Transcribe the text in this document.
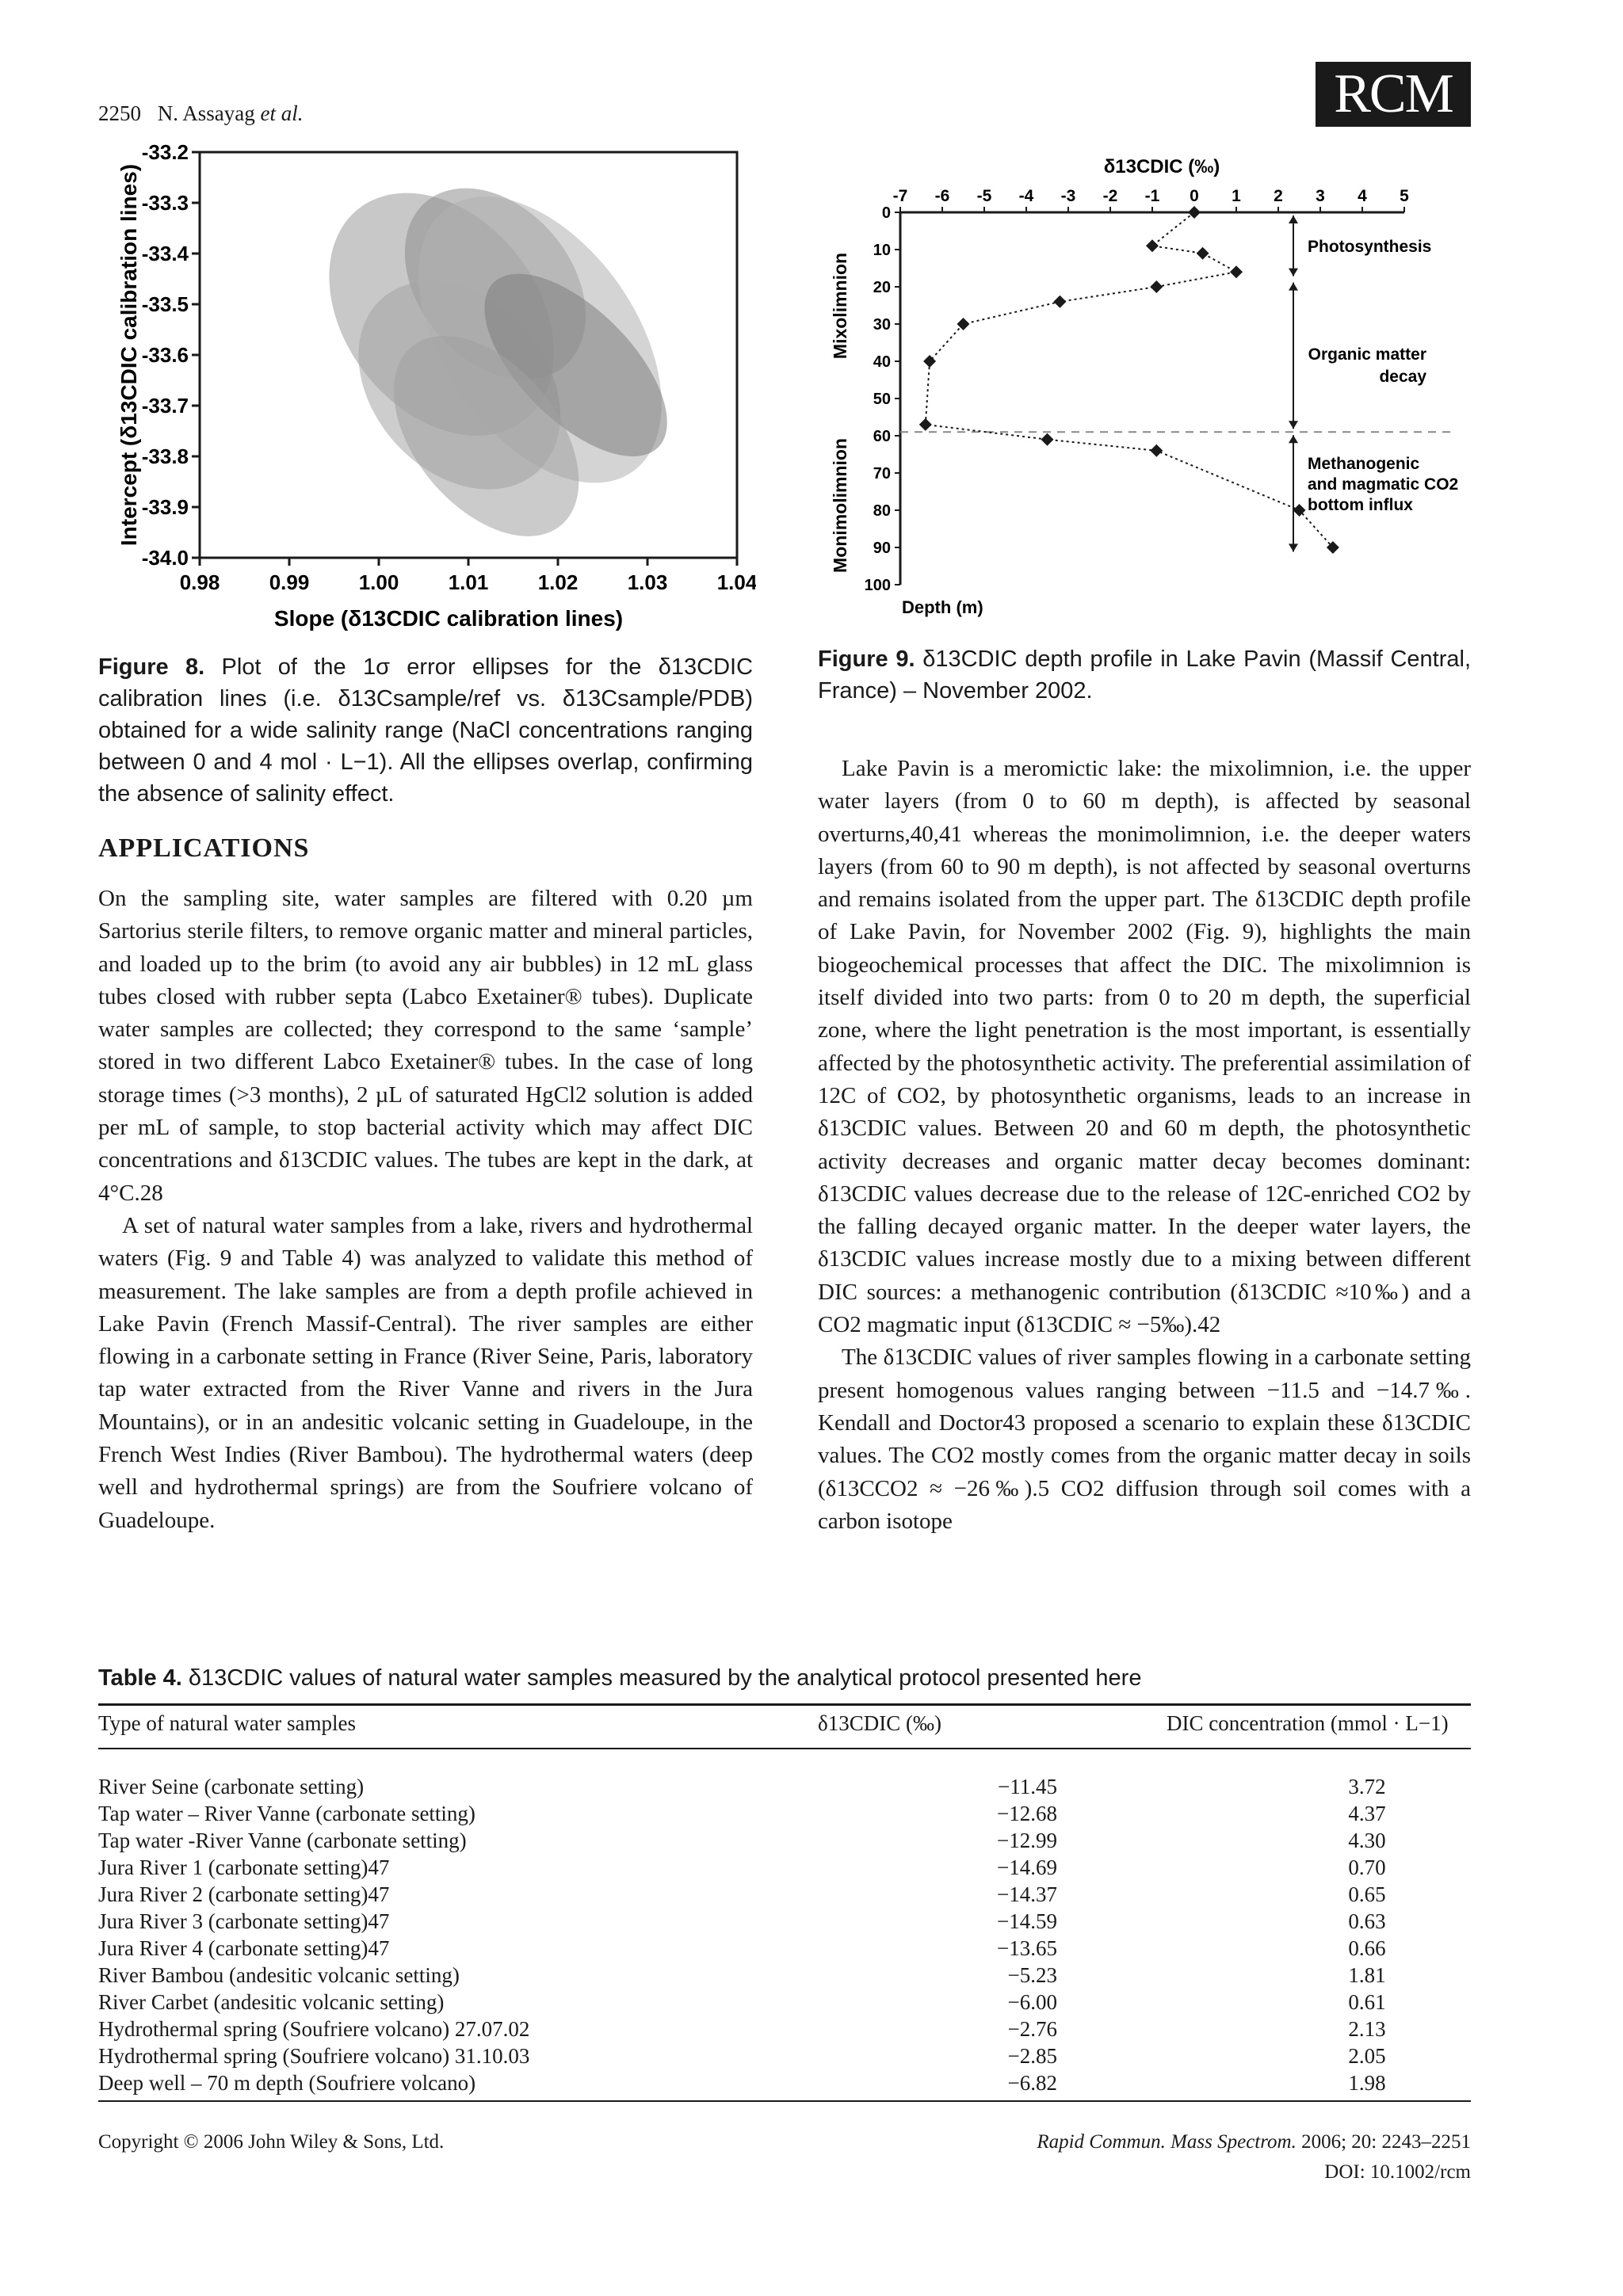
2250 N. Assayag et al.	RCM
0.98 0.99 1.00 1.01 1.02 1.03 1.04
-33.2
-33.3
-33.4
-33.5
-33.6
-33.7
-33.8
-33.9
-34.0
Slope (δ13CDIC calibration lines)
Intercept (δ13CDIC calibration lines)	δ13CDIC (‰)
-7 -6 -5 -4 -3 -2 -1 0 1 2 3 4 5
0
10
20
30
40
50
60
70
80
90
100
Depth (m)
Mixolimnion
Monimolimnion
Photosynthesis
Organic matter
decay
Methanogenic
and magmatic CO2
bottom influx
Figure 8. Plot of the 1σ error ellipses for the δ13CDIC calibration lines (i.e. δ13Csample/ref vs. δ13Csample/PDB) obtained for a wide salinity range (NaCl concentrations ranging between 0 and 4 mol · L−1). All the ellipses overlap, confirming the absence of salinity effect.
Figure 9. δ13CDIC depth profile in Lake Pavin (Massif Central, France) – November 2002.
APPLICATIONS

On the sampling site, water samples are filtered with 0.20 µm Sartorius sterile filters, to remove organic matter and mineral particles, and loaded up to the brim (to avoid any air bubbles) in 12 mL glass tubes closed with rubber septa (Labco Exetainer® tubes). Duplicate water samples are collected; they correspond to the same ‘sample’ stored in two different Labco Exetainer® tubes. In the case of long storage times (>3 months), 2 µL of saturated HgCl2 solution is added per mL of sample, to stop bacterial activity which may affect DIC concentrations and δ13CDIC values. The tubes are kept in the dark, at 4°C.28

A set of natural water samples from a lake, rivers and hydrothermal waters (Fig. 9 and Table 4) was analyzed to validate this method of measurement. The lake samples are from a depth profile achieved in Lake Pavin (French Massif-Central). The river samples are either flowing in a carbonate setting in France (River Seine, Paris, laboratory tap water extracted from the River Vanne and rivers in the Jura Mountains), or in an andesitic volcanic setting in Guadeloupe, in the French West Indies (River Bambou). The hydrothermal waters (deep well and hydrothermal springs) are from the Soufriere volcano of Guadeloupe.

Lake Pavin is a meromictic lake: the mixolimnion, i.e. the upper water layers (from 0 to 60 m depth), is affected by seasonal overturns,40,41 whereas the monimolimnion, i.e. the deeper waters layers (from 60 to 90 m depth), is not affected by seasonal overturns and remains isolated from the upper part. The δ13CDIC depth profile of Lake Pavin, for November 2002 (Fig. 9), highlights the main biogeochemical processes that affect the DIC. The mixolimnion is itself divided into two parts: from 0 to 20 m depth, the superficial zone, where the light penetration is the most important, is essentially affected by the photosynthetic activity. The preferential assimilation of 12C of CO2, by photosynthetic organisms, leads to an increase in δ13CDIC values. Between 20 and 60 m depth, the photosynthetic activity decreases and organic matter decay becomes dominant: δ13CDIC values decrease due to the release of 12C-enriched CO2 by the falling decayed organic matter. In the deeper water layers, the δ13CDIC values increase mostly due to a mixing between different DIC sources: a methanogenic contribution (δ13CDIC ≈10‰) and a CO2 magmatic input (δ13CDIC ≈ −5‰).42

The δ13CDIC values of river samples flowing in a carbonate setting present homogenous values ranging between −11.5 and −14.7‰. Kendall and Doctor43 proposed a scenario to explain these δ13CDIC values. The CO2 mostly comes from the organic matter decay in soils (δ13CCO2 ≈ −26‰).5 CO2 diffusion through soil comes with a carbon isotope

Table 4. δ13CDIC values of natural water samples measured by the analytical protocol presented here
Type of natural water samples	δ13CDIC (‰)	DIC concentration (mmol · L−1)
River Seine (carbonate setting)	−11.45	3.72
Tap water – River Vanne (carbonate setting)	−12.68	4.37
Tap water -River Vanne (carbonate setting)	−12.99	4.30
Jura River 1 (carbonate setting)47	−14.69	0.70
Jura River 2 (carbonate setting)47	−14.37	0.65
Jura River 3 (carbonate setting)47	−14.59	0.63
Jura River 4 (carbonate setting)47	−13.65	0.66
River Bambou (andesitic volcanic setting)	−5.23	1.81
River Carbet (andesitic volcanic setting)	−6.00	0.61
Hydrothermal spring (Soufriere volcano) 27.07.02	−2.76	2.13
Hydrothermal spring (Soufriere volcano) 31.10.03	−2.85	2.05
Deep well – 70 m depth (Soufriere volcano)	−6.82	1.98
Copyright © 2006 John Wiley & Sons, Ltd.	Rapid Commun. Mass Spectrom. 2006; 20: 2243–2251
DOI: 10.1002/rcm
